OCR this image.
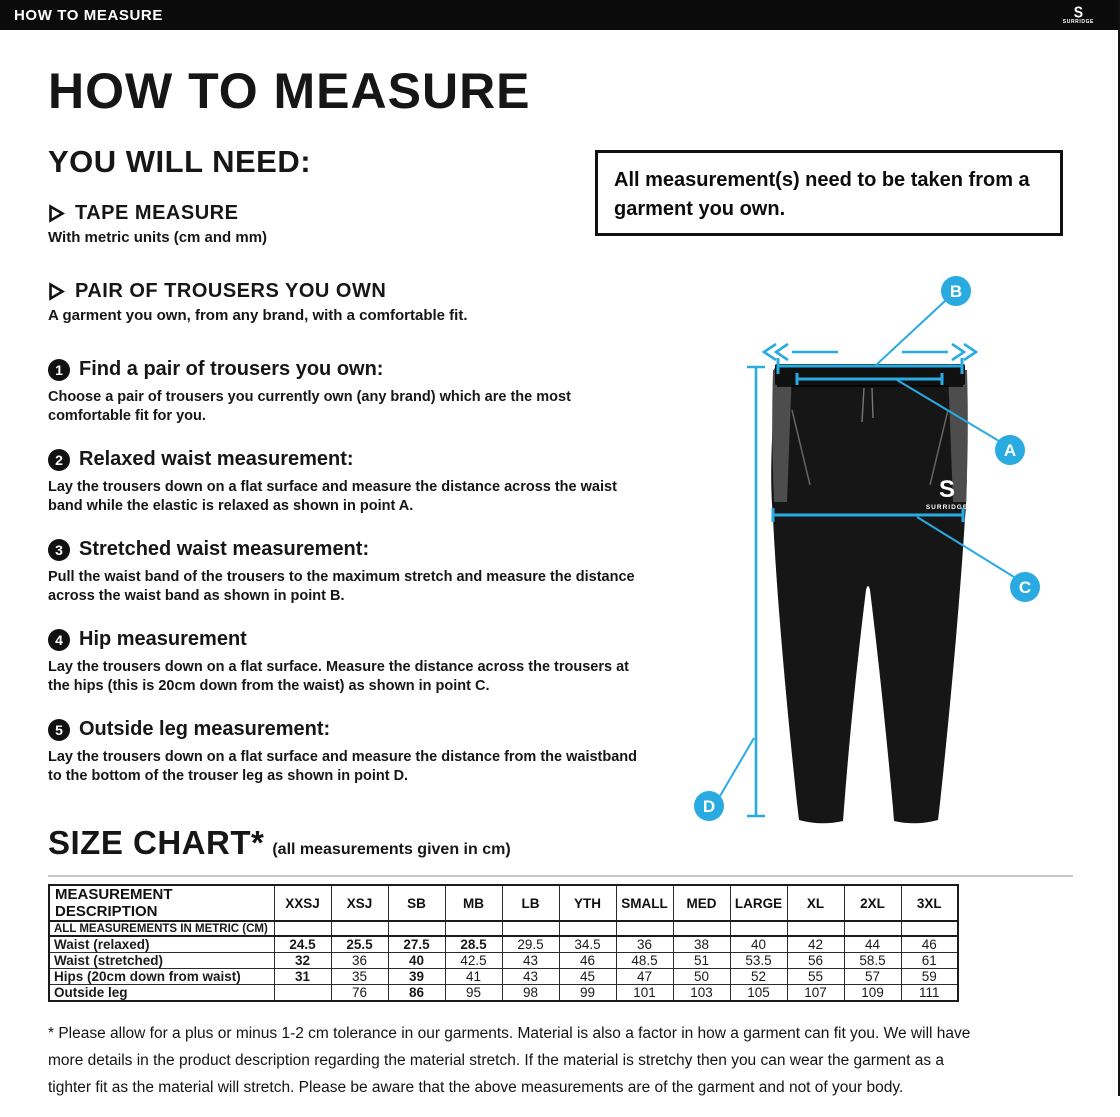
HOW TO MEASURE	S
SURRIDGE
HOW TO MEASURE
YOU WILL NEED:
TAPE MEASURE
With metric units (cm and mm)
PAIR OF TROUSERS YOU OWN
A garment you own, from any brand, with a comfortable fit.
All measurement(s) need to be taken from a garment you own.
1 Find a pair of trousers you own:

Choose a pair of trousers you currently own (any brand) which are the most comfortable fit for you.

2 Relaxed waist measurement:

Lay the trousers down on a flat surface and measure the distance across the waist band while the elastic is relaxed as shown in point A.

3 Stretched waist measurement:

Pull the waist band of the trousers to the maximum stretch and measure the distance across the waist band as shown in point B.

4 Hip measurement

Lay the trousers down on a flat surface. Measure the distance across the trousers at the hips (this is 20cm down from the waist) as shown in point C.

5 Outside leg measurement:

Lay the trousers down on a flat surface and measure the distance from the waistband to the bottom of the trouser leg as shown in point D.

S
SURRIDGE
B
A
C
D
SIZE CHART* (all measurements given in cm)
MEASUREMENT DESCRIPTION	XXSJ	XSJ	SB	MB	LB	YTH	SMALL	MED	LARGE	XL	2XL	3XL
ALL MEASUREMENTS IN METRIC (CM)												
Waist (relaxed)	24.5	25.5	27.5	28.5	29.5	34.5	36	38	40	42	44	46
Waist (stretched)	32	36	40	42.5	43	46	48.5	51	53.5	56	58.5	61
Hips (20cm down from waist)	31	35	39	41	43	45	47	50	52	55	57	59
Outside leg		76	86	95	98	99	101	103	105	107	109	111
* Please allow for a plus or minus 1-2 cm tolerance in our garments. Material is also a factor in how a garment can fit you. We will have
more details in the product description regarding the material stretch. If the material is stretchy then you can wear the garment as a
tighter fit as the material will stretch. Please be aware that the above measurements are of the garment and not of your body.
